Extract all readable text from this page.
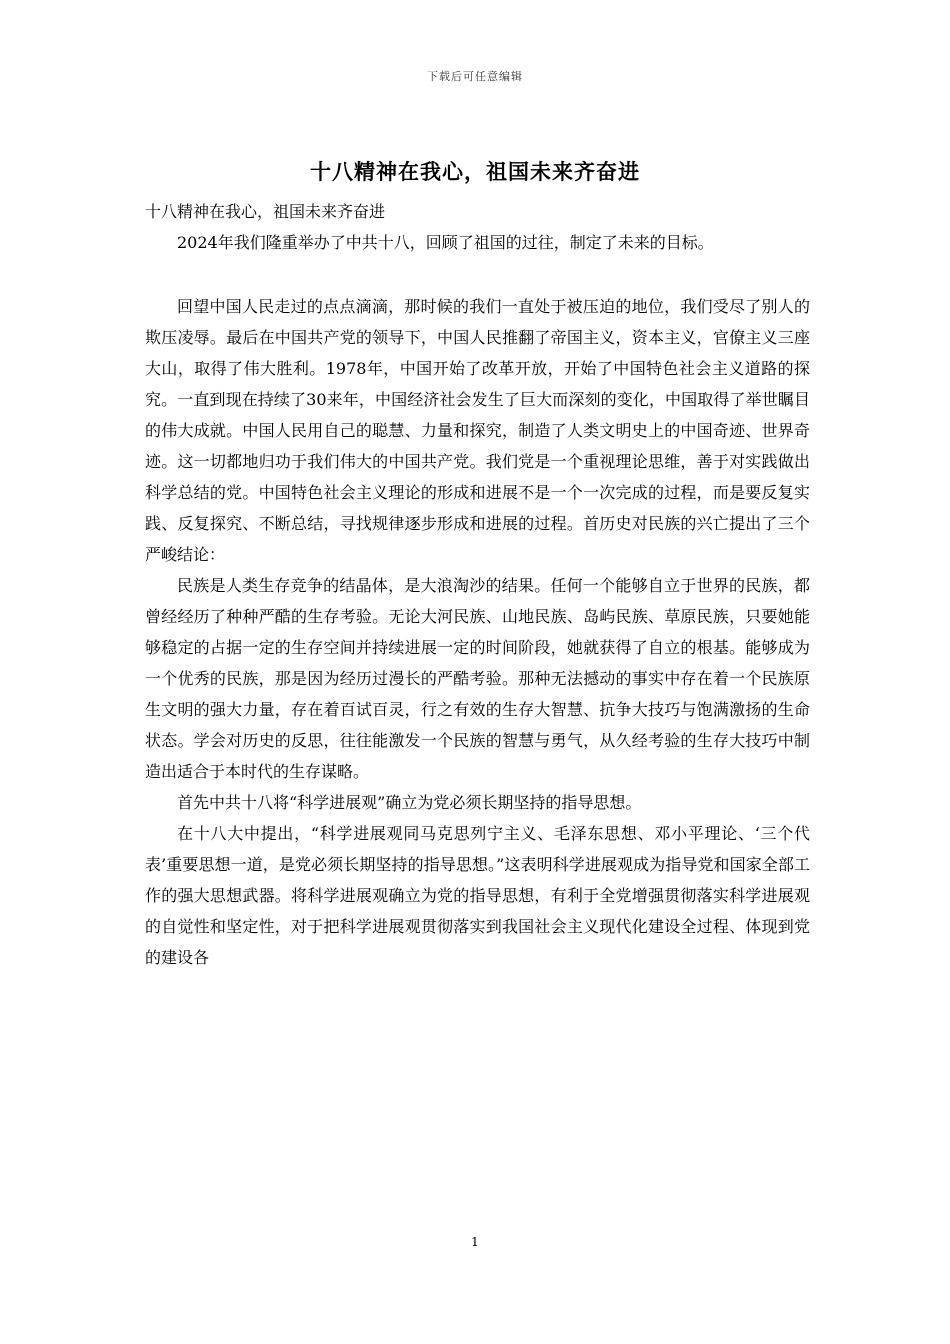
下载后可任意编辑
十八精神在我心，祖国未来齐奋进

十八精神在我心，祖国未来齐奋进

2024年我们隆重举办了中共十八，回顾了祖国的过往，制定了未来的目标。

回望中国人民走过的点点滴滴，那时候的我们一直处于被压迫的地位，我们受尽了别人的欺压凌辱。最后在中国共产党的领导下，中国人民推翻了帝国主义，资本主义，官僚主义三座大山，取得了伟大胜利。1978年，中国开始了改革开放，开始了中国特色社会主义道路的探究。一直到现在持续了30来年，中国经济社会发生了巨大而深刻的变化，中国取得了举世瞩目的伟大成就。中国人民用自己的聪慧、力量和探究，制造了人类文明史上的中国奇迹、世界奇迹。这一切都地归功于我们伟大的中国共产党。我们党是一个重视理论思维，善于对实践做出科学总结的党。中国特色社会主义理论的形成和进展不是一个一次完成的过程，而是要反复实践、反复探究、不断总结，寻找规律逐步形成和进展的过程。首历史对民族的兴亡提出了三个严峻结论：

民族是人类生存竞争的结晶体，是大浪淘沙的结果。任何一个能够自立于世界的民族，都曾经经历了种种严酷的生存考验。无论大河民族、山地民族、岛屿民族、草原民族，只要她能够稳定的占据一定的生存空间并持续进展一定的时间阶段，她就获得了自立的根基。能够成为一个优秀的民族，那是因为经历过漫长的严酷考验。那种无法撼动的事实中存在着一个民族原生文明的强大力量，存在着百试百灵，行之有效的生存大智慧、抗争大技巧与饱满激扬的生命状态。学会对历史的反思，往往能激发一个民族的智慧与勇气，从久经考验的生存大技巧中制造出适合于本时代的生存谋略。

首先中共十八将“科学进展观”确立为党必须长期坚持的指导思想。

在十八大中提出，“科学进展观同马克思列宁主义、毛泽东思想、邓小平理论、‘三个代表’重要思想一道，是党必须长期坚持的指导思想。”这表明科学进展观成为指导党和国家全部工作的强大思想武器。将科学进展观确立为党的指导思想，有利于全党增强贯彻落实科学进展观的自觉性和坚定性，对于把科学进展观贯彻落实到我国社会主义现代化建设全过程、体现到党的建设各

1
